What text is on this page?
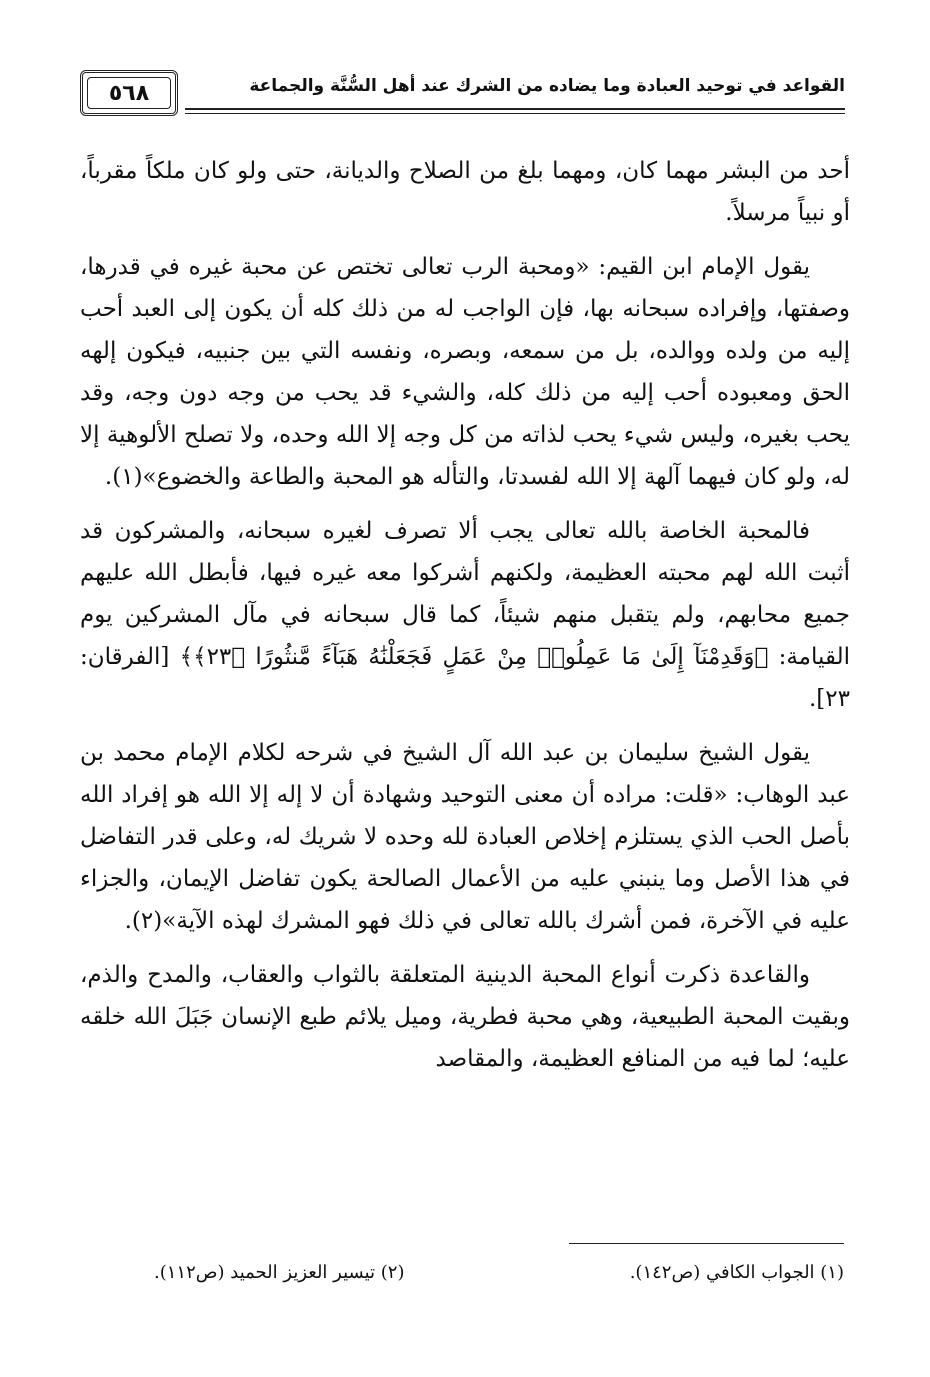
القواعد في توحيد العبادة وما يضاده من الشرك عند أهل السُّنَّة والجماعة
٥٦٨

أحد من البشر مهما كان، ومهما بلغ من الصلاح والديانة، حتى ولو كان ملكاً مقرباً، أو نبياً مرسلاً.

يقول الإمام ابن القيم: «ومحبة الرب تعالى تختص عن محبة غيره في قدرها، وصفتها، وإفراده سبحانه بها، فإن الواجب له من ذلك كله أن يكون إلى العبد أحب إليه من ولده ووالده، بل من سمعه، وبصره، ونفسه التي بين جنبيه، فيكون إلهه الحق ومعبوده أحب إليه من ذلك كله، والشيء قد يحب من وجه دون وجه، وقد يحب بغيره، وليس شيء يحب لذاته من كل وجه إلا الله وحده، ولا تصلح الألوهية إلا له، ولو كان فيهما آلهة إلا الله لفسدتا، والتأله هو المحبة والطاعة والخضوع»(١).

فالمحبة الخاصة بالله تعالى يجب ألا تصرف لغيره سبحانه، والمشركون قد أثبت الله لهم محبته العظيمة، ولكنهم أشركوا معه غيره فيها، فأبطل الله عليهم جميع محابهم، ولم يتقبل منهم شيئاً، كما قال سبحانه في مآل المشركين يوم القيامة: ﴿وَقَدِمْنَآ إِلَىٰ مَا عَمِلُوا۟ مِنْ عَمَلٍ فَجَعَلْنَٰهُ هَبَآءً مَّنثُورًا ﴿٢٣﴾﴾ [الفرقان: ٢٣].

يقول الشيخ سليمان بن عبد الله آل الشيخ في شرحه لكلام الإمام محمد بن عبد الوهاب: «قلت: مراده أن معنى التوحيد وشهادة أن لا إله إلا الله هو إفراد الله بأصل الحب الذي يستلزم إخلاص العبادة لله وحده لا شريك له، وعلى قدر التفاضل في هذا الأصل وما ينبني عليه من الأعمال الصالحة يكون تفاضل الإيمان، والجزاء عليه في الآخرة، فمن أشرك بالله تعالى في ذلك فهو المشرك لهذه الآية»(٢).

والقاعدة ذكرت أنواع المحبة الدينية المتعلقة بالثواب والعقاب، والمدح والذم، وبقيت المحبة الطبيعية، وهي محبة فطرية، وميل يلائم طبع الإنسان جَبَلَ الله خلقه عليه؛ لما فيه من المنافع العظيمة، والمقاصد

(١) الجواب الكافي (ص١٤٢).
(٢) تيسير العزيز الحميد (ص١١٢).
